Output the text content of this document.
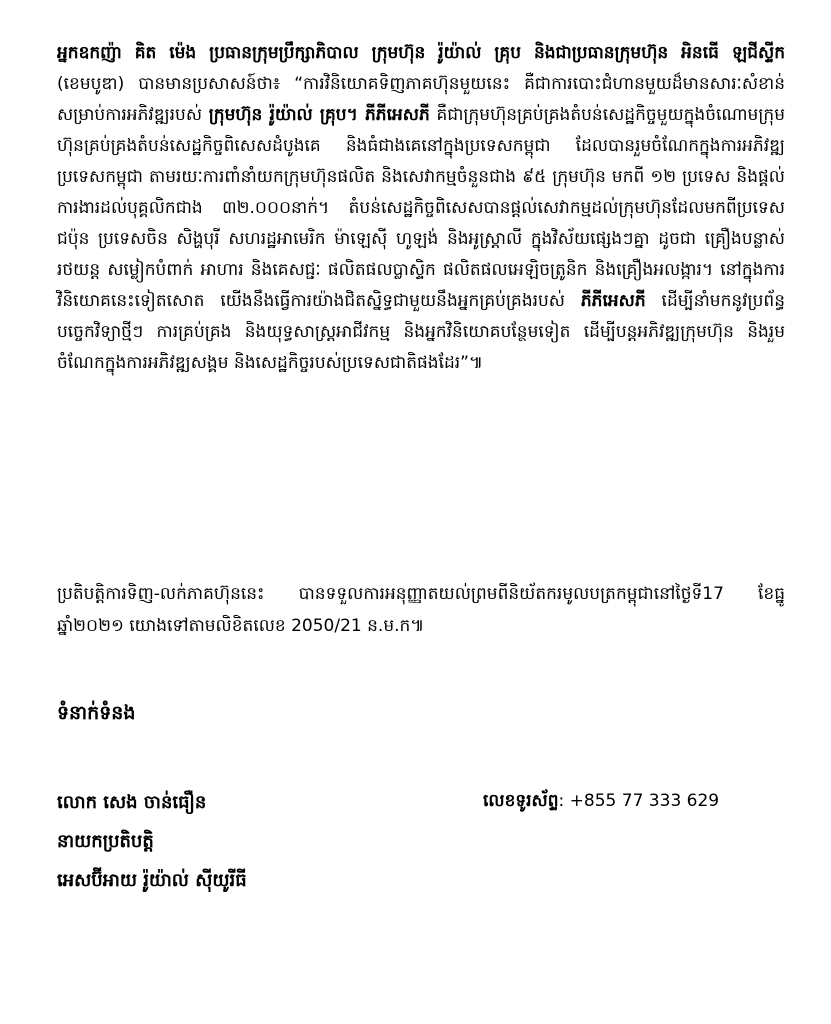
អ្នកឧកញ៉ា គិត ម៉េង ប្រធានក្រុមប្រឹក្សាភិបាល ក្រុមហ៊ុន រ៉ូយ៉ាល់ គ្រុប និងជាប្រធានក្រុមហ៊ុន អិនធើ ឡជីស្ទីក (ខេមបូឌា) បានមានប្រសាសន៍ថា៖ “ការវិនិយោគទិញភាគហ៊ុនមួយនេះ គឺជាការបោះជំហានមួយដ៏មានសារៈសំខាន់សម្រាប់ការអភិវឌ្ឍរបស់ ក្រុមហ៊ុន រ៉ូយ៉ាល់ គ្រុប។ ភីភីអេសភី គឺជាក្រុមហ៊ុនគ្រប់គ្រងតំបន់សេដ្ឋកិច្ចមួយក្នុងចំណោមក្រុមហ៊ុនគ្រប់គ្រងតំបន់សេដ្ឋកិច្ចពិសេសដំបូងគេ និងធំជាងគេនៅក្នុងប្រទេសកម្ពុជា ដែលបានរួមចំណែកក្នុងការអភិវឌ្ឍប្រទេសកម្ពុជា តាមរយៈការពាំនាំយកក្រុមហ៊ុនផលិត និងសេវាកម្មចំនួនជាង ៩៥ ក្រុមហ៊ុន មកពី ១២ ប្រទេស និងផ្តល់ការងារដល់បុគ្គលិកជាង ៣២.០០០នាក់។ តំបន់សេដ្ឋកិច្ចពិសេសបានផ្តល់សេវាកម្មដល់ក្រុមហ៊ុនដែលមកពីប្រទេស ជប៉ុន ប្រទេសចិន សិង្ហបុរី សហរដ្ឋអាមេរិក ម៉ាឡេស៊ី ហូឡង់ និងអូស្ត្រាលី ក្នុងវិស័យផ្សេងៗគ្នា ដូចជា គ្រឿងបន្លាស់រថយន្ត សម្លៀកបំពាក់ អាហារ និងគេសជ្ជៈ ផលិតផលប្លាស្ទិក ផលិតផលអេឡិចត្រូនិក និងគ្រឿងអលង្ការ។ នៅក្នុងការវិនិយោគនេះទៀតសោត យើងនឹងធ្វើការយ៉ាងជិតស្និទ្ធជាមួយនឹងអ្នកគ្រប់គ្រងរបស់ ភីភីអេសភី ដើម្បីនាំមកនូវប្រព័ន្ធបច្ចេកវិទ្យាថ្មីៗ ការគ្រប់គ្រង និងយុទ្ធសាស្ត្រអាជីវកម្ម និងអ្នកវិនិយោគបន្ថែមទៀត ដើម្បីបន្តអភិវឌ្ឍក្រុមហ៊ុន និងរួមចំណែកក្នុងការអភិវឌ្ឍសង្គម និងសេដ្ឋកិច្ចរបស់ប្រទេសជាតិផងដែរ”៕
ប្រតិបត្តិការទិញ-លក់ភាគហ៊ុននេះ បានទទួលការអនុញ្ញាតយល់ព្រមពីនិយ័តករមូលបត្រកម្ពុជានៅថ្ងៃទី17 ខែធ្នូ ឆ្នាំ២០២១ យោងទៅតាមលិខិតលេខ 2050/21 ន.ម.ក៕
ទំនាក់ទំនង
លោក សេង ចាន់ធឿន
នាយកប្រតិបត្តិ
អេសប៊ីអាយ រ៉ូយ៉ាល់ ស៊ីយូរីធី
លេខទូរស័ព្ទ: +855 77 333 629
